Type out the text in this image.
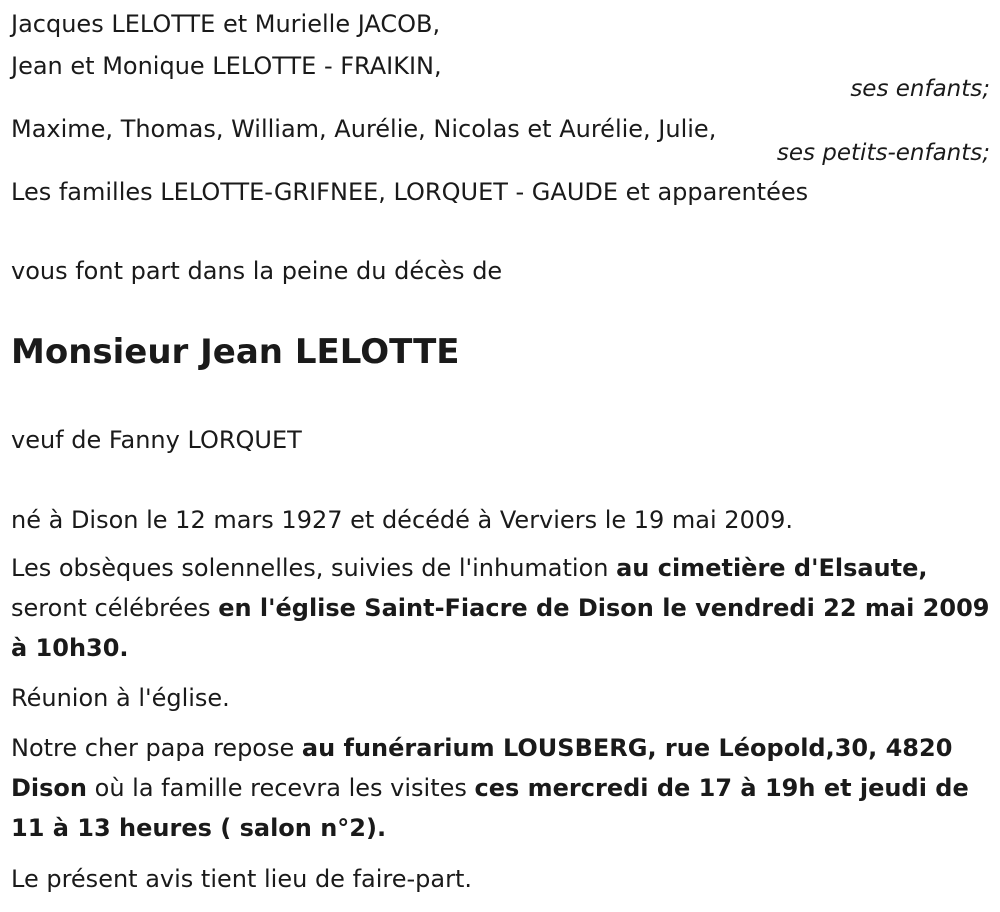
Jacques LELOTTE et Murielle JACOB,
Jean et Monique LELOTTE - FRAIKIN,
ses enfants;
Maxime, Thomas, William, Aurélie, Nicolas et Aurélie, Julie,
ses petits-enfants;
Les familles LELOTTE-GRIFNEE, LORQUET - GAUDE et apparentées
vous font part dans la peine du décès de
Monsieur Jean LELOTTE
veuf de Fanny LORQUET
né à Dison le 12 mars 1927 et décédé à Verviers le 19 mai 2009.
Les obsèques solennelles, suivies de l'inhumation au cimetière d'Elsaute, seront célébrées en l'église Saint-Fiacre de Dison le vendredi 22 mai 2009 à 10h30.
Réunion à l'église.
Notre cher papa repose au funérarium LOUSBERG, rue Léopold,30, 4820 Dison où la famille recevra les visites ces mercredi de 17 à 19h et jeudi de 11 à 13 heures ( salon n°2).
Le présent avis tient lieu de faire-part.
